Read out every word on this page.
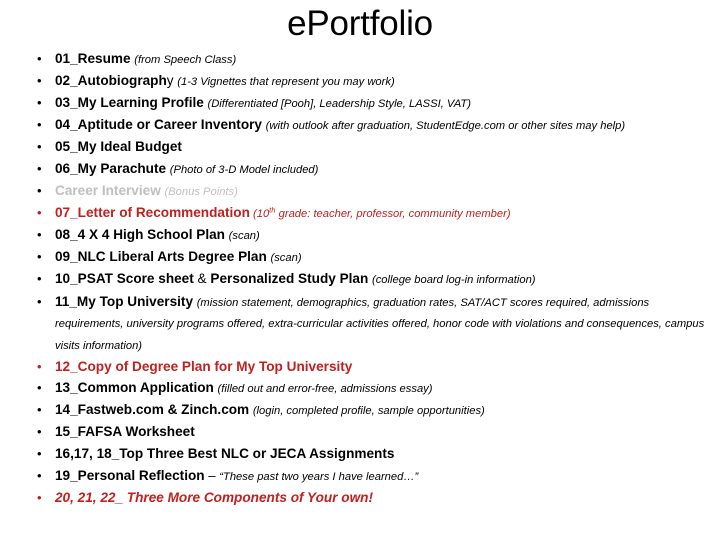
ePortfolio
• 01_Resume (from Speech Class)
• 02_Autobiography (1-3 Vignettes that represent you may work)
• 03_My Learning Profile (Differentiated [Pooh], Leadership Style, LASSI, VAT)
• 04_Aptitude or Career Inventory (with outlook after graduation, StudentEdge.com or other sites may help)
• 05_My Ideal Budget
• 06_My Parachute (Photo of 3-D Model included)
• Career Interview (Bonus Points)
• 07_Letter of Recommendation (10th grade: teacher, professor, community member)
• 08_4 X 4 High School Plan (scan)
• 09_NLC Liberal Arts Degree Plan (scan)
• 10_PSAT Score sheet & Personalized Study Plan (college board log-in information)
• 11_My Top University (mission statement, demographics, graduation rates, SAT/ACT scores required, admissions requirements, university programs offered, extra-curricular activities offered, honor code with violations and consequences, campus visits information)
• 12_Copy of Degree Plan for My Top University
• 13_Common Application (filled out and error-free, admissions essay)
• 14_Fastweb.com & Zinch.com (login, completed profile, sample opportunities)
• 15_FAFSA Worksheet
• 16,17, 18_Top Three Best NLC or JECA Assignments
• 19_Personal Reflection – “These past two years I have learned…”
• 20, 21, 22_ Three More Components of Your own!
